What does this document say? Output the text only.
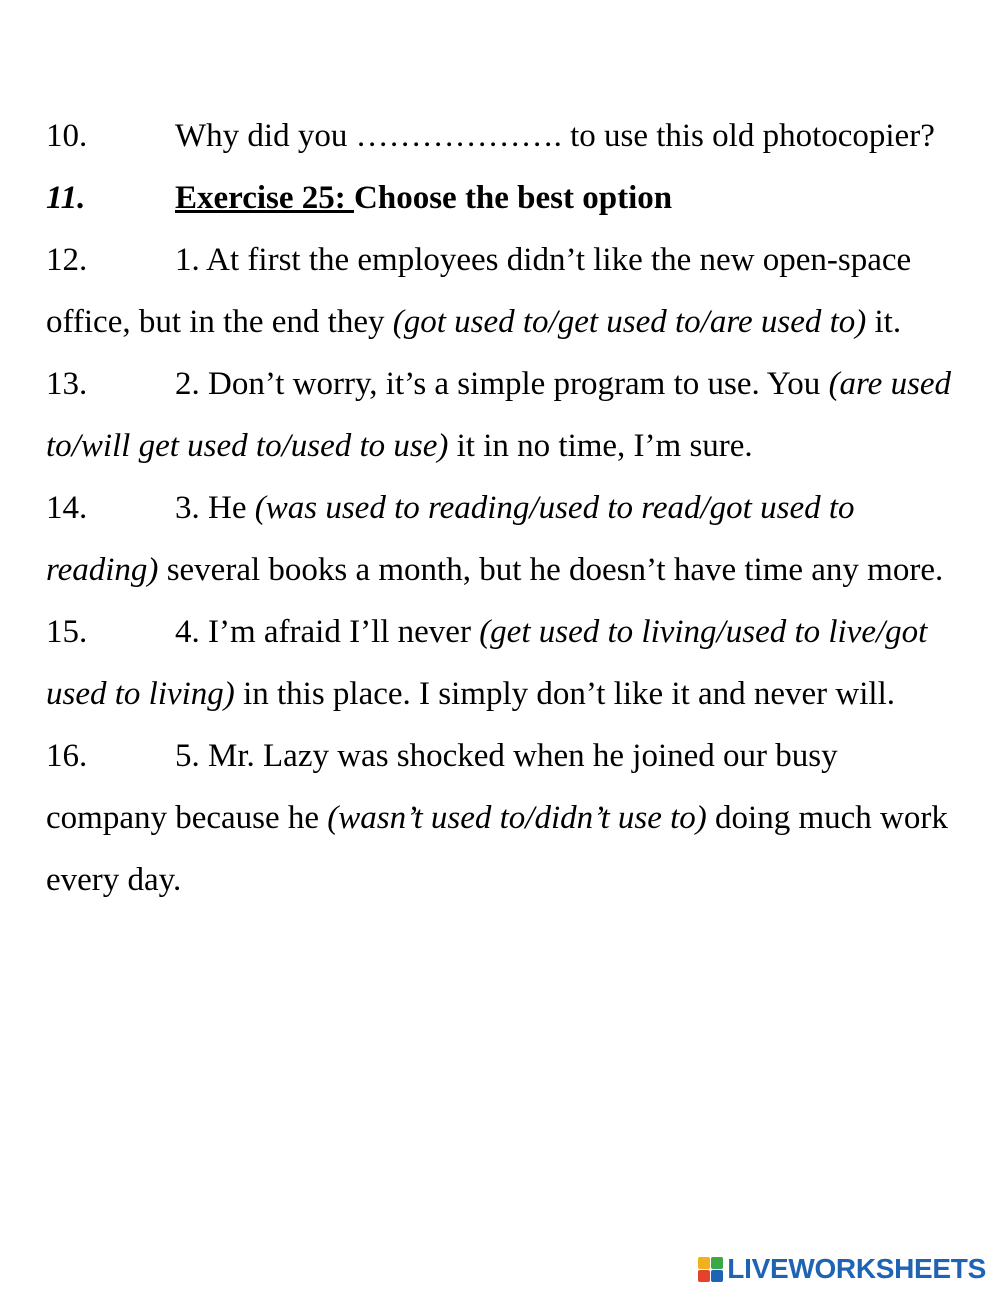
10.	Why did you ………………. to use this old photocopier?

11.	Exercise 25: Choose the best option

12.	1. At first the employees didn’t like the new open-space office, but in the end they (got used to/get used to/are used to) it.

13.	2. Don’t worry, it’s a simple program to use. You (are used to/will get used to/used to use) it in no time, I’m sure.

14.	3. He (was used to reading/used to read/got used to reading) several books a month, but he doesn’t have time any more.

15.	4. I’m afraid I’ll never (get used to living/used to live/got used to living) in this place. I simply don’t like it and never will.

16.	5. Mr. Lazy was shocked when he joined our busy company because he (wasn’t used to/didn’t use to) doing much work every day.

LIVEWORKSHEETS
